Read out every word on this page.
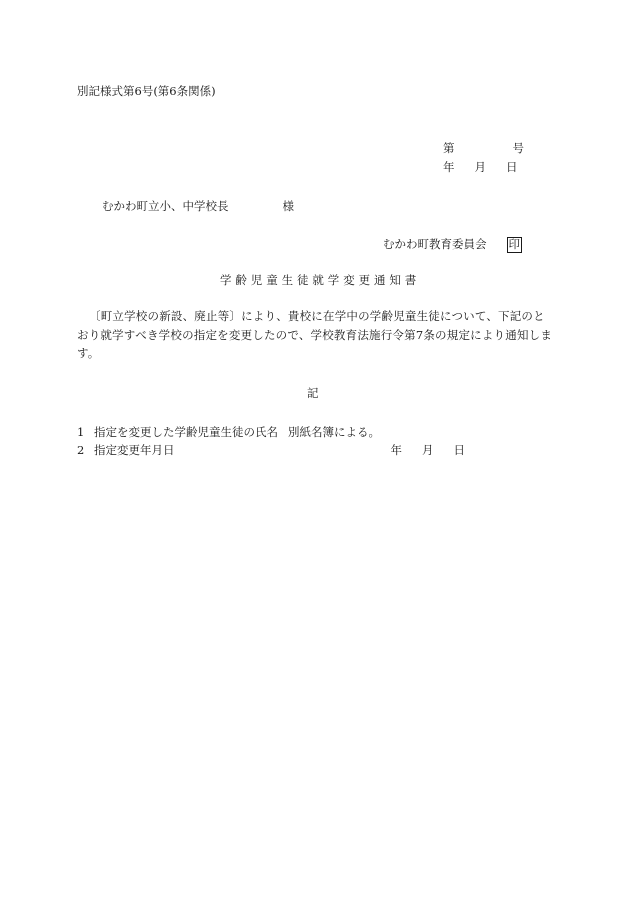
別記様式第6号(第6条関係)
第	号
年 月 日
むかわ町立小、中学校長	様
むかわ町教育委員会 印
学齢児童生徒就学変更通知書
〔町立学校の新設、廃止等〕により、貴校に在学中の学齢児童生徒について、下記のとおり就学すべき学校の指定を変更したので、学校教育法施行令第7条の規定により通知します。
記
1 指定を変更した学齢児童生徒の氏名 別紙名簿による。
2 指定変更年月日	年 月 日
